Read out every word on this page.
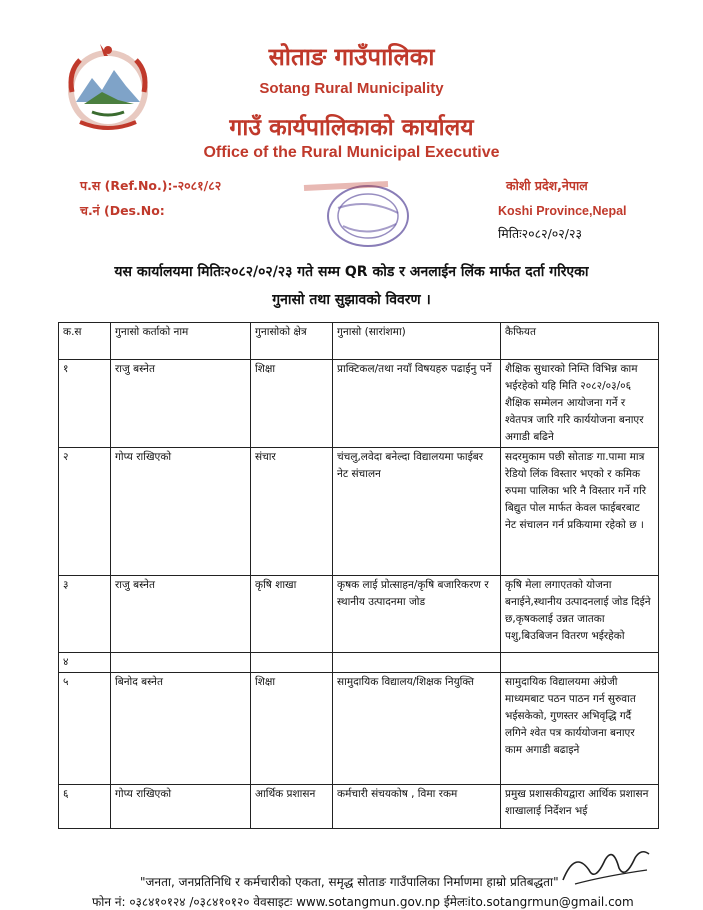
सोताङ गाउँपालिका
Sotang Rural Municipality
गाउँ कार्यपालिकाको कार्यालय
Office of the Rural Municipal Executive
प.स (Ref.No.):-२०८१/८२
च.नं (Des.No:
कोशी प्रदेश,नेपाल
Koshi Province,Nepal
मितिः२०८२/०२/२३
यस कार्यालयमा मितिः२०८२/०२/२३ गते सम्म QR कोड र अनलाईन लिंक मार्फत दर्ता गरिएका
गुनासो तथा सुझावको विवरण ।
क.स	गुनासो कर्ताको नाम	गुनासोको क्षेत्र	गुनासो (सारांशमा)	कैफियत
१	राजु बस्नेत	शिक्षा	प्राक्टिकल/तथा नयाँ विषयहरु पढाईनु पर्ने	शैक्षिक सुधारको निम्ति विभिन्न काम भईरहेको यहि मिति २०८२/०३/०६ शैक्षिक सम्मेलन आयोजना गर्ने र श्वेतपत्र जारि गरि कार्ययोजना बनाएर अगाडी बढिने
२	गोप्य राखिएको	संचार	चंचलु,लवेदा बनेल्दा विद्यालयमा फाईबर नेट संचालन	सदरमुकाम पछी सोताङ गा.पामा मात्र रेडियो लिंक विस्तार भएको र कमिक रुपमा पालिका भरि नै विस्तार गर्ने गरि बिद्युत पोल मार्फत केवल फाईबरबाट नेट संचालन गर्न प्रकियामा रहेको छ ।
३	राजु बस्नेत	कृषि शाखा	कृषक लाई प्रोत्साहन/कृषि बजारिकरण र स्थानीय उत्पादनमा जोड	कृषि मेला लगाएतको योजना बनाईने,स्थानीय उत्पादनलाई जोड दिईने छ,कृषकलाई उन्नत जातका पशु,बिउबिजन वितरण भईरहेको
४				
५	बिनोद बस्नेत	शिक्षा	सामुदायिक विद्यालय/शिक्षक नियुक्ति	सामुदायिक विद्यालयमा अंग्रेजी माध्यमबाट पठन पाठन गर्न सुरुवात भईसकेको, गुणस्तर अभिवृद्धि गर्दै लगिने श्वेत पत्र कार्ययोजना बनाएर काम अगाडी बढाइने
६	गोप्य राखिएको	आर्थिक प्रशासन	कर्मचारी संचयकोष , विमा रकम	प्रमुख प्रशासकीयद्वारा आर्थिक प्रशासन शाखालाई निर्देशन भई
"जनता, जनप्रतिनिधि र कर्मचारीको एकता, समृद्ध सोताङ गाउँपालिका निर्माणमा हाम्रो प्रतिबद्धता"
फोन नं: ०३८४१०१२४ /०३८४१०१२० वेवसाइटः www.sotangmun.gov.np ईमेलःito.sotangrmun@gmail.com
